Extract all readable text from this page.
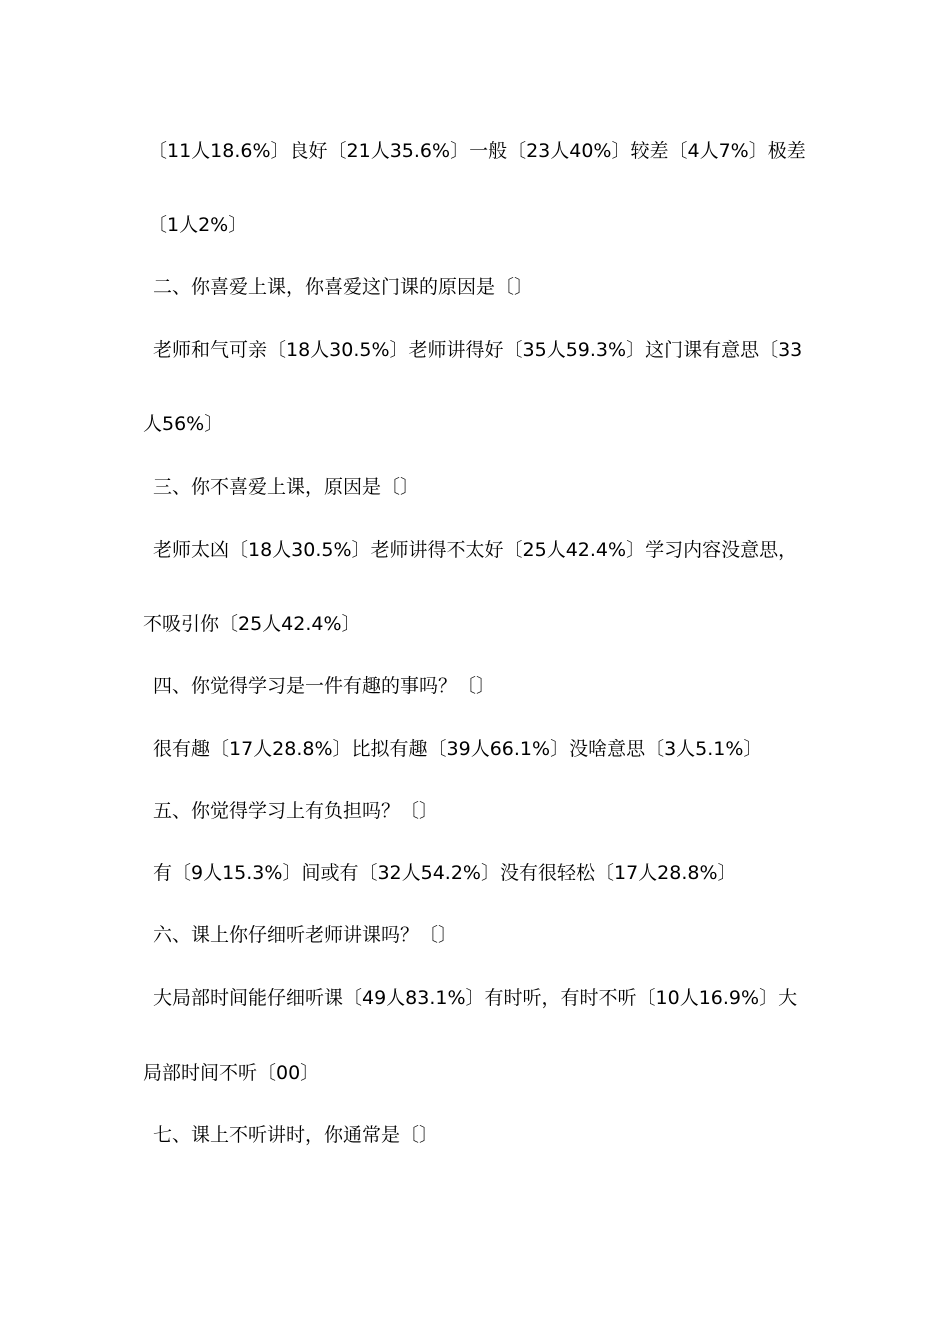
〔11人18.6%〕良好〔21人35.6%〕一般〔23人40%〕较差〔4人7%〕极差
〔1人2%〕
二、你喜爱上课，你喜爱这门课的原因是〔〕
老师和气可亲〔18人30.5%〕老师讲得好〔35人59.3%〕这门课有意思〔33
人56%〕
三、你不喜爱上课，原因是〔〕
老师太凶〔18人30.5%〕老师讲得不太好〔25人42.4%〕学习内容没意思，
不吸引你〔25人42.4%〕
四、你觉得学习是一件有趣的事吗？〔〕
很有趣〔17人28.8%〕比拟有趣〔39人66.1%〕没啥意思〔3人5.1%〕
五、你觉得学习上有负担吗？〔〕
有〔9人15.3%〕间或有〔32人54.2%〕没有很轻松〔17人28.8%〕
六、课上你仔细听老师讲课吗？〔〕
大局部时间能仔细听课〔49人83.1%〕有时听，有时不听〔10人16.9%〕大
局部时间不听〔00〕
七、课上不听讲时，你通常是〔〕
